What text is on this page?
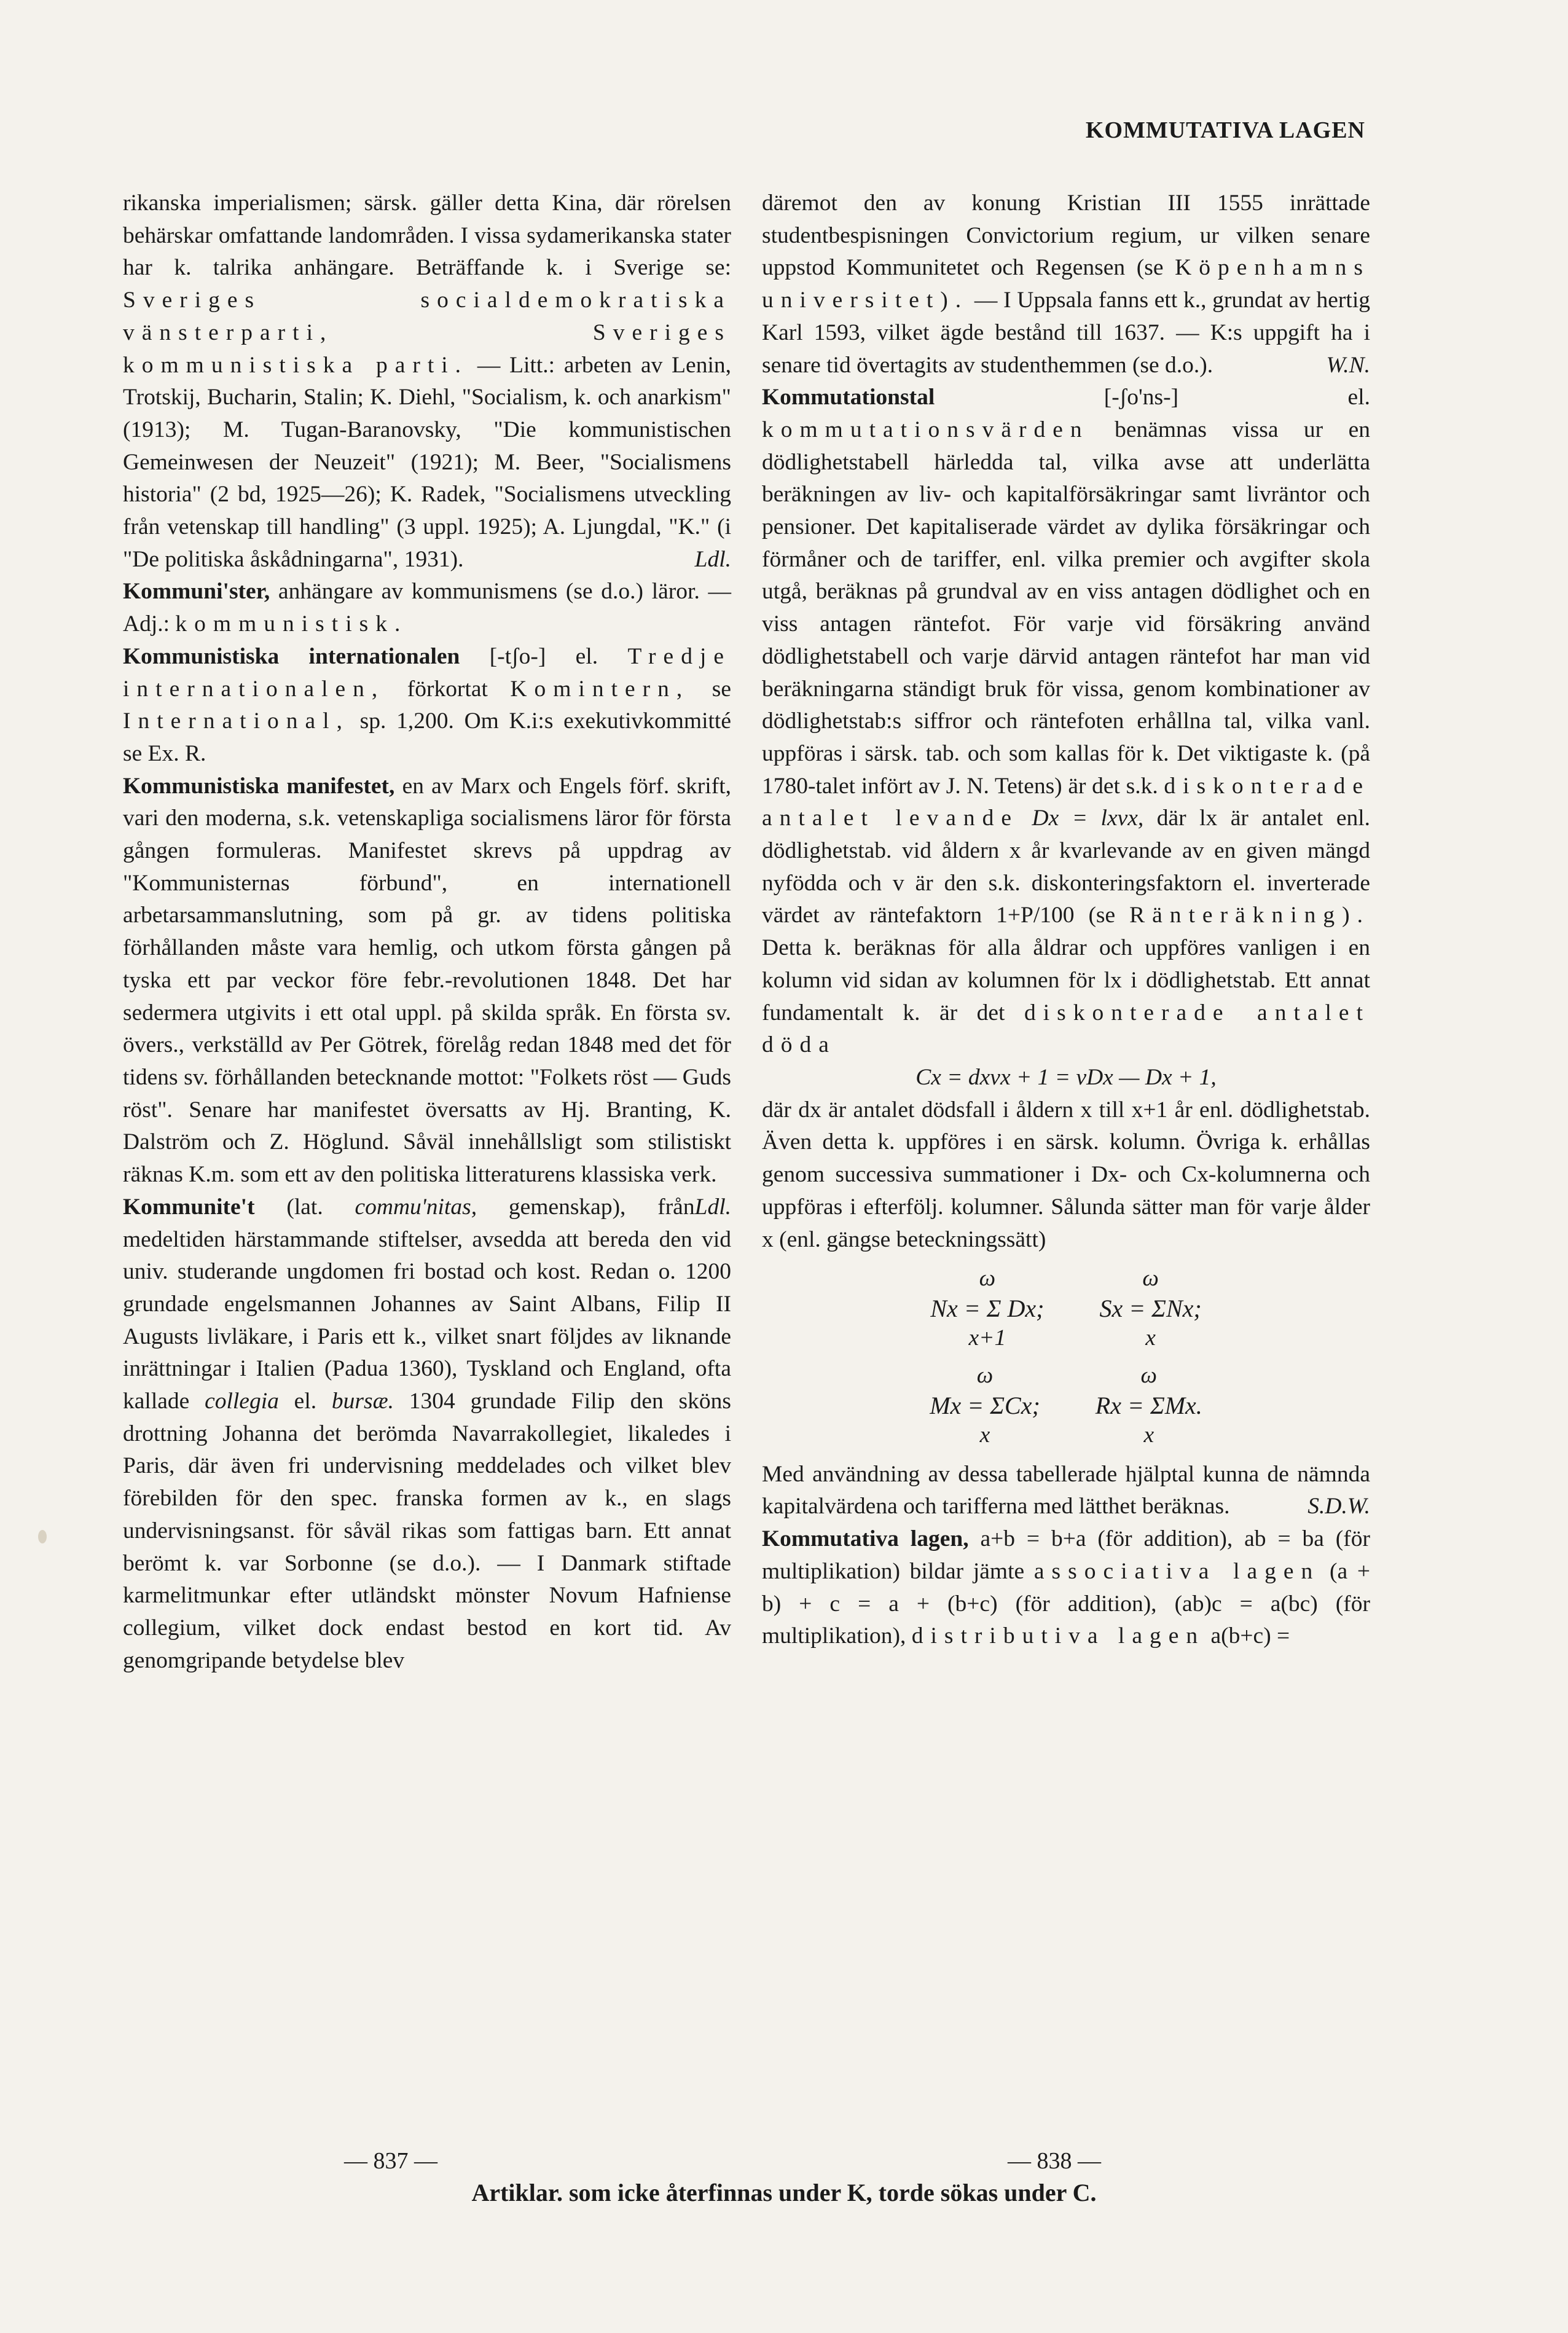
KOMMUTATIVA LAGEN

rikanska imperialismen; särsk. gäller detta Kina, där rörelsen behärskar omfattande landområden. I vissa sydamerikanska stater har k. talrika anhängare. Beträffande k. i Sverige se: Sveriges socialdemokratiska vänsterparti, Sveriges kommunistiska parti. — Litt.: arbeten av Lenin, Trotskij, Bucharin, Stalin; K. Diehl, "Socialism, k. och anarkism" (1913); M. Tugan-Baranovsky, "Die kommunistischen Gemeinwesen der Neuzeit" (1921); M. Beer, "Socialismens historia" (2 bd, 1925—26); K. Radek, "Socialismens utveckling från vetenskap till handling" (3 uppl. 1925); A. Ljungdal, "K." (i "De politiska åskådningarna", 1931).	Ldl.

Kommuni'ster, anhängare av kommunismens (se d.o.) läror. — Adj.: kommunistisk.

Kommunistiska internationalen [-tʃo-] el. Tredje internationalen, förkortat Komintern, se International, sp. 1,200. Om K.i:s exekutivkommitté se Ex. R.

Kommunistiska manifestet, en av Marx och Engels förf. skrift, vari den moderna, s.k. vetenskapliga socialismens läror för första gången formuleras. Manifestet skrevs på uppdrag av "Kommunisternas förbund", en internationell arbetarsammanslutning, som på gr. av tidens politiska förhållanden måste vara hemlig, och utkom första gången på tyska ett par veckor före febr.-revolutionen 1848. Det har sedermera utgivits i ett otal uppl. på skilda språk. En första sv. övers., verkställd av Per Götrek, förelåg redan 1848 med det för tidens sv. förhållanden betecknande mottot: "Folkets röst — Guds röst". Senare har manifestet översatts av Hj. Branting, K. Dalström och Z. Höglund. Såväl innehållsligt som stilistiskt räknas K.m. som ett av den politiska litteraturens klassiska verk.
Ldl.

Kommunite't (lat. commu'nitas, gemenskap), från medeltiden härstammande stiftelser, avsedda att bereda den vid univ. studerande ungdomen fri bostad och kost. Redan o. 1200 grundade engelsmannen Johannes av Saint Albans, Filip II Augusts livläkare, i Paris ett k., vilket snart följdes av liknande inrättningar i Italien (Padua 1360), Tyskland och England, ofta kallade collegia el. bursæ. 1304 grundade Filip den sköns drottning Johanna det berömda Navarrakollegiet, likaledes i Paris, där även fri undervisning meddelades och vilket blev förebilden för den spec. franska formen av k., en slags undervisningsanst. för såväl rikas som fattigas barn. Ett annat berömt k. var Sorbonne (se d.o.). — I Danmark stiftade karmelitmunkar efter utländskt mönster Novum Hafniense collegium, vilket dock endast bestod en kort tid. Av genomgripande betydelse blev

däremot den av konung Kristian III 1555 inrättade studentbespisningen Convictorium regium, ur vilken senare uppstod Kommunitetet och Regensen (se Köpenhamns universitet). — I Uppsala fanns ett k., grundat av hertig Karl 1593, vilket ägde bestånd till 1637. — K:s uppgift ha i senare tid övertagits av studenthemmen (se d.o.).	W.N.

Kommutationstal [-ʃo'ns-] el. kommutationsvärden benämnas vissa ur en dödlighetstabell härledda tal, vilka avse att underlätta beräkningen av liv- och kapitalförsäkringar samt livräntor och pensioner. Det kapitaliserade värdet av dylika försäkringar och förmåner och de tariffer, enl. vilka premier och avgifter skola utgå, beräknas på grundval av en viss antagen dödlighet och en viss antagen räntefot. För varje vid försäkring använd dödlighetstabell och varje därvid antagen räntefot har man vid beräkningarna ständigt bruk för vissa, genom kombinationer av dödlighetstab:s siffror och räntefoten erhållna tal, vilka vanl. uppföras i särsk. tab. och som kallas för k. Det viktigaste k. (på 1780-talet infört av J. N. Tetens) är det s.k. diskonterade antalet levande Dx = lxvx, där lx är antalet enl. dödlighetstab. vid åldern x år kvarlevande av en given mängd nyfödda och v är den s.k. diskonteringsfaktorn el. inverterade värdet av räntefaktorn 1+P/100 (se Ränteräkning). Detta k. beräknas för alla åldrar och uppföres vanligen i en kolumn vid sidan av kolumnen för lx i dödlighetstab. Ett annat fundamentalt k. är det diskonterade antalet döda

Cx = dxvx + 1 = vDx — Dx + 1,

där dx är antalet dödsfall i åldern x till x+1 år enl. dödlighetstab. Även detta k. uppföres i en särsk. kolumn. Övriga k. erhållas genom successiva summationer i Dx- och Cx-kolumnerna och uppföras i efterfölj. kolumner. Sålunda sätter man för varje ålder x (enl. gängse beteckningssätt)

ω
Nx = Σ Dx;
x+1
ω
Sx = ΣNx;
x
ω
Mx = ΣCx;
x
ω
Rx = ΣMx.
x

Med användning av dessa tabellerade hjälptal kunna de nämnda kapitalvärdena och tarifferna med lätthet beräknas.	S.D.W.

Kommutativa lagen, a+b = b+a (för addition), ab = ba (för multiplikation) bildar jämte associativa lagen (a + b) + c = a + (b+c) (för addition), (ab)c = a(bc) (för multiplikation), distributiva lagen a(b+c) =

— 837 —	— 838 —
Artiklar. som icke återfinnas under K, torde sökas under C.
